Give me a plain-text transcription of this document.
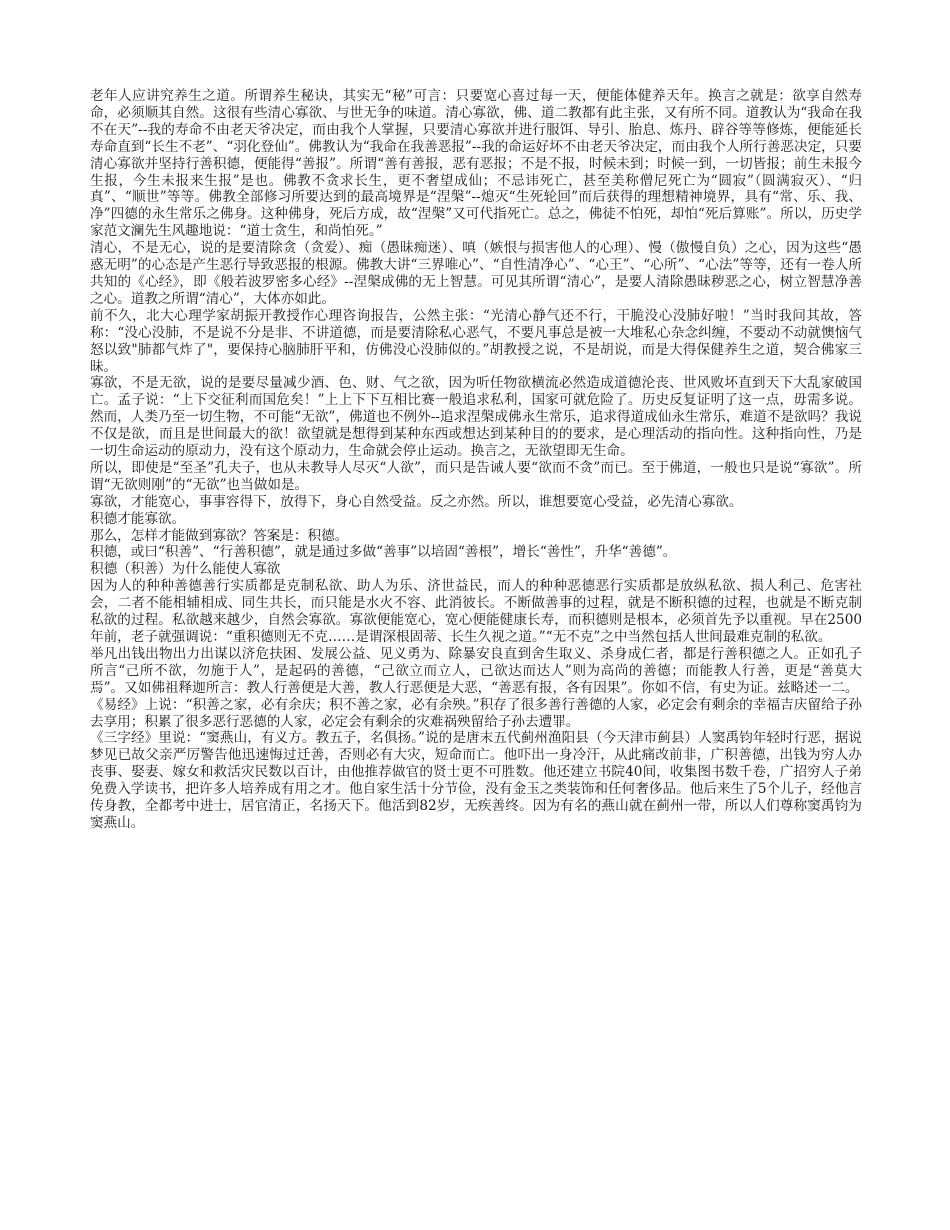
老年人应讲究养生之道。所谓养生秘诀，其实无“秘”可言：只要宽心喜过每一天，便能体健养天年。换言之就是：欲享自然寿命，必须顺其自然。这很有些清心寡欲、与世无争的味道。清心寡欲，佛、道二教都有此主张，又有所不同。道教认为“我命在我不在天”--我的寿命不由老天爷决定，而由我个人掌握，只要清心寡欲并进行服饵、导引、胎息、炼丹、辟谷等等修炼，便能延长寿命直到“长生不老”、“羽化登仙”。佛教认为“我命在我善恶报”--我的命运好坏不由老天爷决定，而由我个人所行善恶决定，只要清心寡欲并坚持行善积德，便能得“善报”。所谓“善有善报，恶有恶报；不是不报，时候未到；时候一到，一切皆报；前生未报今生报，今生未报来生报”是也。佛教不贪求长生，更不奢望成仙；不忌讳死亡，甚至美称僧尼死亡为“圆寂”（圆满寂灭）、“归真”、“顺世”等等。佛教全部修习所要达到的最高境界是“涅槃”--熄灭“生死轮回”而后获得的理想精神境界，具有“常、乐、我、净”四德的永生常乐之佛身。这种佛身，死后方成，故“涅槃”又可代指死亡。总之，佛徒不怕死，却怕“死后算账”。所以，历史学家范文澜先生风趣地说：“道士贪生，和尚怕死。”

清心，不是无心，说的是要清除贪（贪爱）、痴（愚昧痴迷）、嗔（嫉恨与损害他人的心理）、慢（傲慢自负）之心，因为这些“愚惑无明”的心态是产生恶行导致恶报的根源。佛教大讲“三界唯心”、“自性清净心”、“心王”、“心所”、“心法”等等，还有一卷人所共知的《心经》，即《般若波罗密多心经》--涅槃成佛的无上智慧。可见其所谓“清心”，是要人清除愚昧秽恶之心，树立智慧净善之心。道教之所谓“清心”，大体亦如此。

前不久，北大心理学家胡振开教授作心理咨询报告，公然主张：“光清心静气还不行，干脆没心没肺好啦！”当时我问其故，答称：“没心没肺，不是说不分是非、不讲道德，而是要清除私心恶气，不要凡事总是被一大堆私心杂念纠缠，不要动不动就懊恼气怒以致"肺都气炸了"，要保持心脑肺肝平和，仿佛没心没肺似的。”胡教授之说，不是胡说，而是大得保健养生之道，契合佛家三昧。

寡欲，不是无欲，说的是要尽量减少酒、色、财、气之欲，因为听任物欲横流必然造成道德沦丧、世风败坏直到天下大乱家破国亡。孟子说：“上下交征利而国危矣！”上上下下互相比赛一般追求私利，国家可就危险了。历史反复证明了这一点，毋需多说。然而，人类乃至一切生物，不可能“无欲”，佛道也不例外--追求涅槃成佛永生常乐，追求得道成仙永生常乐，难道不是欲吗？我说不仅是欲，而且是世间最大的欲！欲望就是想得到某种东西或想达到某种目的的要求，是心理活动的指向性。这种指向性，乃是一切生命运动的原动力，没有这个原动力，生命就会停止运动。换言之，无欲望即无生命。

所以，即使是“至圣”孔夫子，也从未教导人尽灭“人欲”，而只是告诫人要“欲而不贪”而已。至于佛道，一般也只是说“寡欲”。所谓“无欲则刚”的“无欲”也当做如是。

寡欲，才能宽心，事事容得下，放得下，身心自然受益。反之亦然。所以，谁想要宽心受益，必先清心寡欲。

积德才能寡欲。

那么，怎样才能做到寡欲？答案是：积德。

积德，或曰“积善”、“行善积德”，就是通过多做“善事”以培固“善根”，增长“善性”，升华“善德”。

积德（积善）为什么能使人寡欲

因为人的种种善德善行实质都是克制私欲、助人为乐、济世益民，而人的种种恶德恶行实质都是放纵私欲、损人利己、危害社会，二者不能相辅相成、同生共长，而只能是水火不容、此消彼长。不断做善事的过程，就是不断积德的过程，也就是不断克制私欲的过程。私欲越来越少，自然会寡欲。寡欲便能宽心，宽心便能健康长寿，而积德则是根本，必须首先予以重视。早在2500年前，老子就强调说：“重积德则无不克……是谓深根固蒂、长生久视之道。”“无不克”之中当然包括人世间最难克制的私欲。

举凡出钱出物出力出谋以济危扶困、发展公益、见义勇为、除暴安良直到舍生取义、杀身成仁者，都是行善积德之人。正如孔子所言“己所不欲，勿施于人”，是起码的善德，“己欲立而立人，己欲达而达人”则为高尚的善德；而能教人行善，更是“善莫大焉”。又如佛祖释迦所言：教人行善便是大善，教人行恶便是大恶，“善恶有报，各有因果”。你如不信，有史为证。兹略述一二。

《易经》上说：“积善之家，必有余庆；积不善之家，必有余殃。”积存了很多善行善德的人家，必定会有剩余的幸福吉庆留给子孙去享用；积累了很多恶行恶德的人家，必定会有剩余的灾难祸殃留给子孙去遭罪。

《三字经》里说：“窦燕山，有义方。教五子，名俱扬。”说的是唐末五代蓟州渔阳县（今天津市蓟县）人窦禹钧年轻时行恶，据说梦见已故父亲严厉警告他迅速悔过迁善，否则必有大灾，短命而亡。他吓出一身冷汗，从此痛改前非，广积善德，出钱为穷人办丧事、娶妻、嫁女和救活灾民数以百计，由他推荐做官的贤士更不可胜数。他还建立书院40间，收集图书数千卷，广招穷人子弟免费入学读书，把许多人培养成有用之才。他自家生活十分节俭，没有金玉之类装饰和任何奢侈品。他后来生了5个儿子，经他言传身教，全都考中进士，居官清正，名扬天下。他活到82岁，无疾善终。因为有名的燕山就在蓟州一带，所以人们尊称窦禹钧为窦燕山。
